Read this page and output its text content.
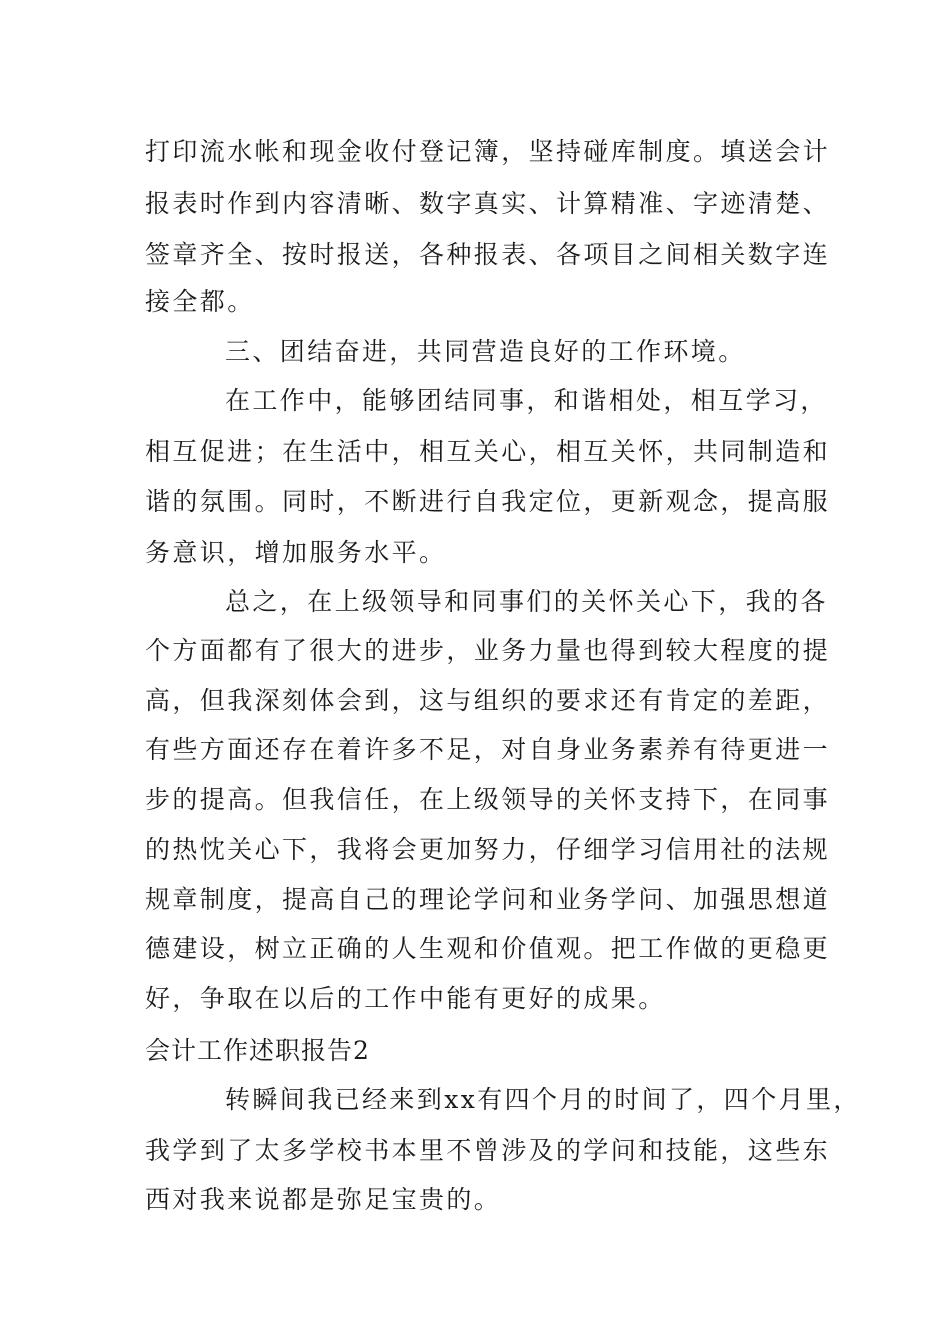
打印流水帐和现金收付登记簿，坚持碰库制度。填送会计
报表时作到内容清晰、数字真实、计算精准、字迹清楚、
签章齐全、按时报送，各种报表、各项目之间相关数字连
接全都。
三、团结奋进，共同营造良好的工作环境。
在工作中，能够团结同事，和谐相处，相互学习，
相互促进；在生活中，相互关心，相互关怀，共同制造和
谐的氛围。同时，不断进行自我定位，更新观念，提高服
务意识，增加服务水平。
总之，在上级领导和同事们的关怀关心下，我的各
个方面都有了很大的进步，业务力量也得到较大程度的提
高，但我深刻体会到，这与组织的要求还有肯定的差距，
有些方面还存在着许多不足，对自身业务素养有待更进一
步的提高。但我信任，在上级领导的关怀支持下，在同事
的热忱关心下，我将会更加努力，仔细学习信用社的法规
规章制度，提高自己的理论学问和业务学问、加强思想道
德建设，树立正确的人生观和价值观。把工作做的更稳更
好，争取在以后的工作中能有更好的成果。
会计工作述职报告2
转瞬间我已经来到xx有四个月的时间了，四个月里，
我学到了太多学校书本里不曾涉及的学问和技能，这些东
西对我来说都是弥足宝贵的。
